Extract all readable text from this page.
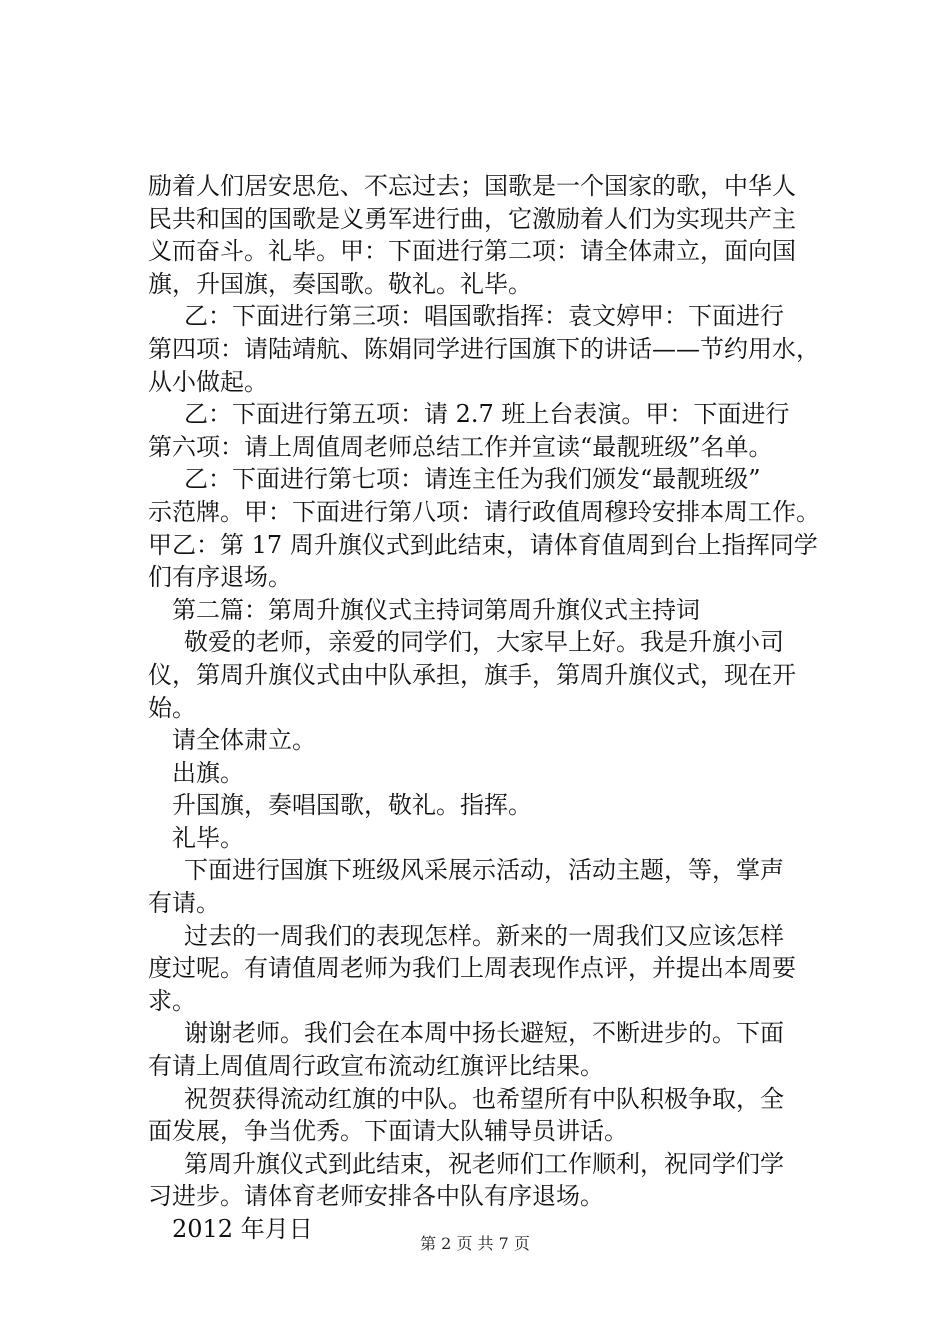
励着人们居安思危、不忘过去；国歌是一个国家的歌，中华人
民共和国的国歌是义勇军进行曲，它激励着人们为实现共产主
义而奋斗。礼毕。甲：下面进行第二项：请全体肃立，面向国
旗，升国旗，奏国歌。敬礼。礼毕。
乙：下面进行第三项：唱国歌指挥：袁文婷甲：下面进行
第四项：请陆靖航、陈娟同学进行国旗下的讲话——节约用水，
从小做起。
乙：下面进行第五项：请 2.7 班上台表演。甲：下面进行
第六项：请上周值周老师总结工作并宣读“最靓班级”名单。
乙：下面进行第七项：请连主任为我们颁发“最靓班级”
示范牌。甲：下面进行第八项：请行政值周穆玲安排本周工作。
甲乙：第 17 周升旗仪式到此结束，请体育值周到台上指挥同学
们有序退场。
第二篇：第周升旗仪式主持词第周升旗仪式主持词
敬爱的老师，亲爱的同学们，大家早上好。我是升旗小司
仪，第周升旗仪式由中队承担，旗手，第周升旗仪式，现在开
始。
请全体肃立。
出旗。
升国旗，奏唱国歌，敬礼。指挥。
礼毕。
下面进行国旗下班级风采展示活动，活动主题，等，掌声
有请。
过去的一周我们的表现怎样。新来的一周我们又应该怎样
度过呢。有请值周老师为我们上周表现作点评，并提出本周要
求。
谢谢老师。我们会在本周中扬长避短，不断进步的。下面
有请上周值周行政宣布流动红旗评比结果。
祝贺获得流动红旗的中队。也希望所有中队积极争取，全
面发展，争当优秀。下面请大队辅导员讲话。
第周升旗仪式到此结束，祝老师们工作顺利，祝同学们学
习进步。请体育老师安排各中队有序退场。
2012 年月日
第 2 页 共 7 页
